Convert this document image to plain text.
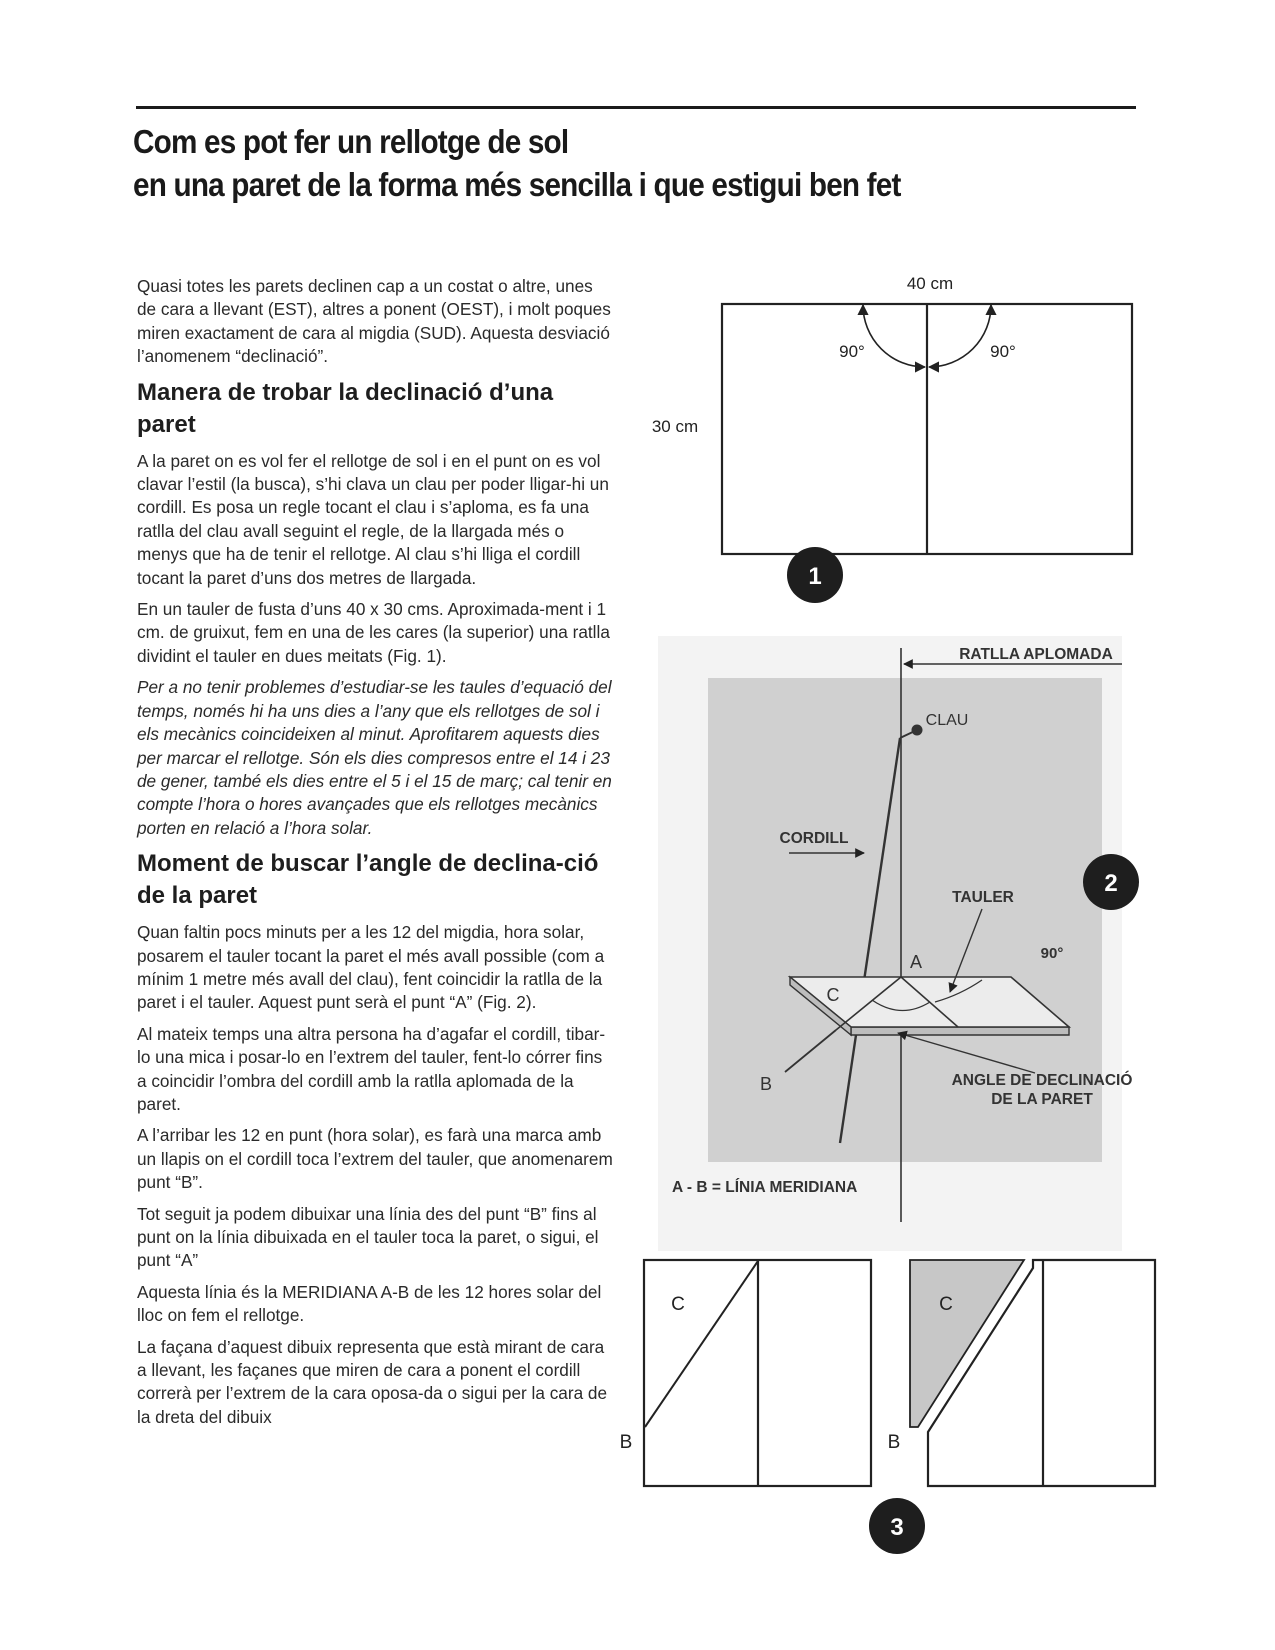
Com es pot fer un rellotge de sol
en una paret de la forma més sencilla i que estigui ben fet

Quasi totes les parets declinen cap a un costat o altre, unes de cara a llevant (EST), altres a ponent (OEST), i molt poques miren exactament de cara al migdia (SUD). Aquesta desviació l’anomenem “declinació”.

Manera de trobar la declinació d’una paret

A la paret on es vol fer el rellotge de sol i en el punt on es vol clavar l’estil (la busca), s’hi clava un clau per poder lligar-hi un cordill. Es posa un regle tocant el clau i s’aploma, es fa una ratlla del clau avall seguint el regle, de la llargada més o menys que ha de tenir el rellotge. Al clau s’hi lliga el cordill tocant la paret d’uns dos metres de llargada.

En un tauler de fusta d’uns 40 x 30 cms. Aproximada-ment i 1 cm. de gruixut, fem en una de les cares (la superior) una ratlla dividint el tauler en dues meitats (Fig. 1).

Per a no tenir problemes d’estudiar-se les taules d’equació del temps, només hi ha uns dies a l’any que els rellotges de sol i els mecànics coincideixen al minut. Aprofitarem aquests dies per marcar el rellotge. Són els dies compresos entre el 14 i 23 de gener, també els dies entre el 5 i el 15 de març; cal tenir en compte l’hora o hores avançades que els rellotges mecànics porten en relació a l’hora solar.

Moment de buscar l’angle de declina-ció de la paret

Quan faltin pocs minuts per a les 12 del migdia, hora solar, posarem el tauler tocant la paret el més avall possible (com a mínim 1 metre més avall del clau), fent coincidir la ratlla de la paret i el tauler. Aquest punt serà el punt “A” (Fig. 2).

Al mateix temps una altra persona ha d’agafar el cordill, tibar-lo una mica i posar-lo en l’extrem del tauler, fent-lo córrer fins a coincidir l’ombra del cordill amb la ratlla aplomada de la paret.

A l’arribar les 12 en punt (hora solar), es farà una marca amb un llapis on el cordill toca l’extrem del tauler, que anomenarem punt “B”.

Tot seguit ja podem dibuixar una línia des del punt “B” fins al punt on la línia dibuixada en el tauler toca la paret, o sigui, el punt “A”

Aquesta línia és la MERIDIANA A-B de les 12 hores solar del lloc on fem el rellotge.

La façana d’aquest dibuix representa que està mirant de cara a llevant, les façanes que miren de cara a ponent el cordill correrà per l’extrem de la cara oposa-da o sigui per la cara de la dreta del dibuix

40 cm
30 cm
90°	90°
1
RATLLA APLOMADA
CLAU
CORDILL
90°
A
C
B
TAULER
ANGLE DE DECLINACIÓ
DE LA PARET
A - B = LÍNIA MERIDIANA
2
C
B
C
B
3
